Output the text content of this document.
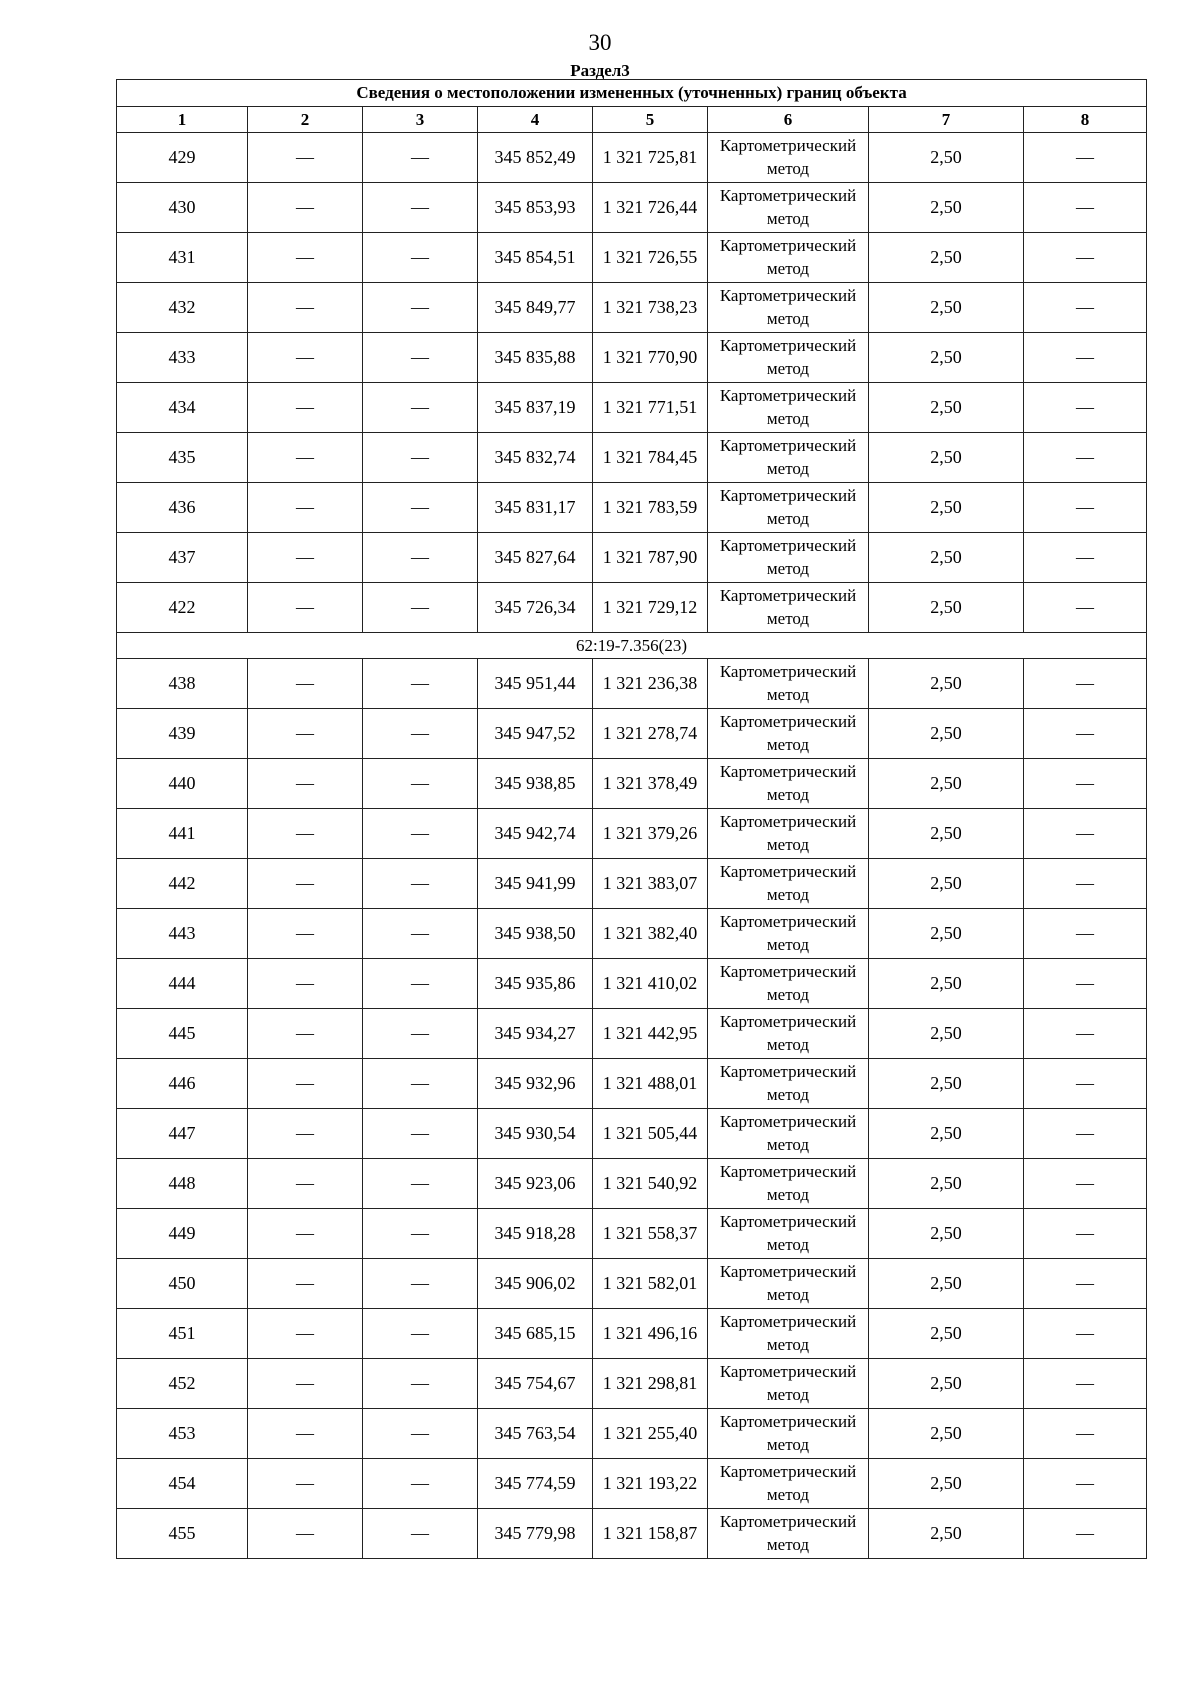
30
Раздел3
Сведения о местоположении измененных (уточненных) границ объекта							
1	2	3	4	5	6	7	8
429	—	—	345 852,49	1 321 725,81	Картометрический метод	2,50	—
430	—	—	345 853,93	1 321 726,44	Картометрический метод	2,50	—
431	—	—	345 854,51	1 321 726,55	Картометрический метод	2,50	—
432	—	—	345 849,77	1 321 738,23	Картометрический метод	2,50	—
433	—	—	345 835,88	1 321 770,90	Картометрический метод	2,50	—
434	—	—	345 837,19	1 321 771,51	Картометрический метод	2,50	—
435	—	—	345 832,74	1 321 784,45	Картометрический метод	2,50	—
436	—	—	345 831,17	1 321 783,59	Картометрический метод	2,50	—
437	—	—	345 827,64	1 321 787,90	Картометрический метод	2,50	—
422	—	—	345 726,34	1 321 729,12	Картометрический метод	2,50	—
62:19-7.356(23)							
438	—	—	345 951,44	1 321 236,38	Картометрический метод	2,50	—
439	—	—	345 947,52	1 321 278,74	Картометрический метод	2,50	—
440	—	—	345 938,85	1 321 378,49	Картометрический метод	2,50	—
441	—	—	345 942,74	1 321 379,26	Картометрический метод	2,50	—
442	—	—	345 941,99	1 321 383,07	Картометрический метод	2,50	—
443	—	—	345 938,50	1 321 382,40	Картометрический метод	2,50	—
444	—	—	345 935,86	1 321 410,02	Картометрический метод	2,50	—
445	—	—	345 934,27	1 321 442,95	Картометрический метод	2,50	—
446	—	—	345 932,96	1 321 488,01	Картометрический метод	2,50	—
447	—	—	345 930,54	1 321 505,44	Картометрический метод	2,50	—
448	—	—	345 923,06	1 321 540,92	Картометрический метод	2,50	—
449	—	—	345 918,28	1 321 558,37	Картометрический метод	2,50	—
450	—	—	345 906,02	1 321 582,01	Картометрический метод	2,50	—
451	—	—	345 685,15	1 321 496,16	Картометрический метод	2,50	—
452	—	—	345 754,67	1 321 298,81	Картометрический метод	2,50	—
453	—	—	345 763,54	1 321 255,40	Картометрический метод	2,50	—
454	—	—	345 774,59	1 321 193,22	Картометрический метод	2,50	—
455	—	—	345 779,98	1 321 158,87	Картометрический метод	2,50	—
